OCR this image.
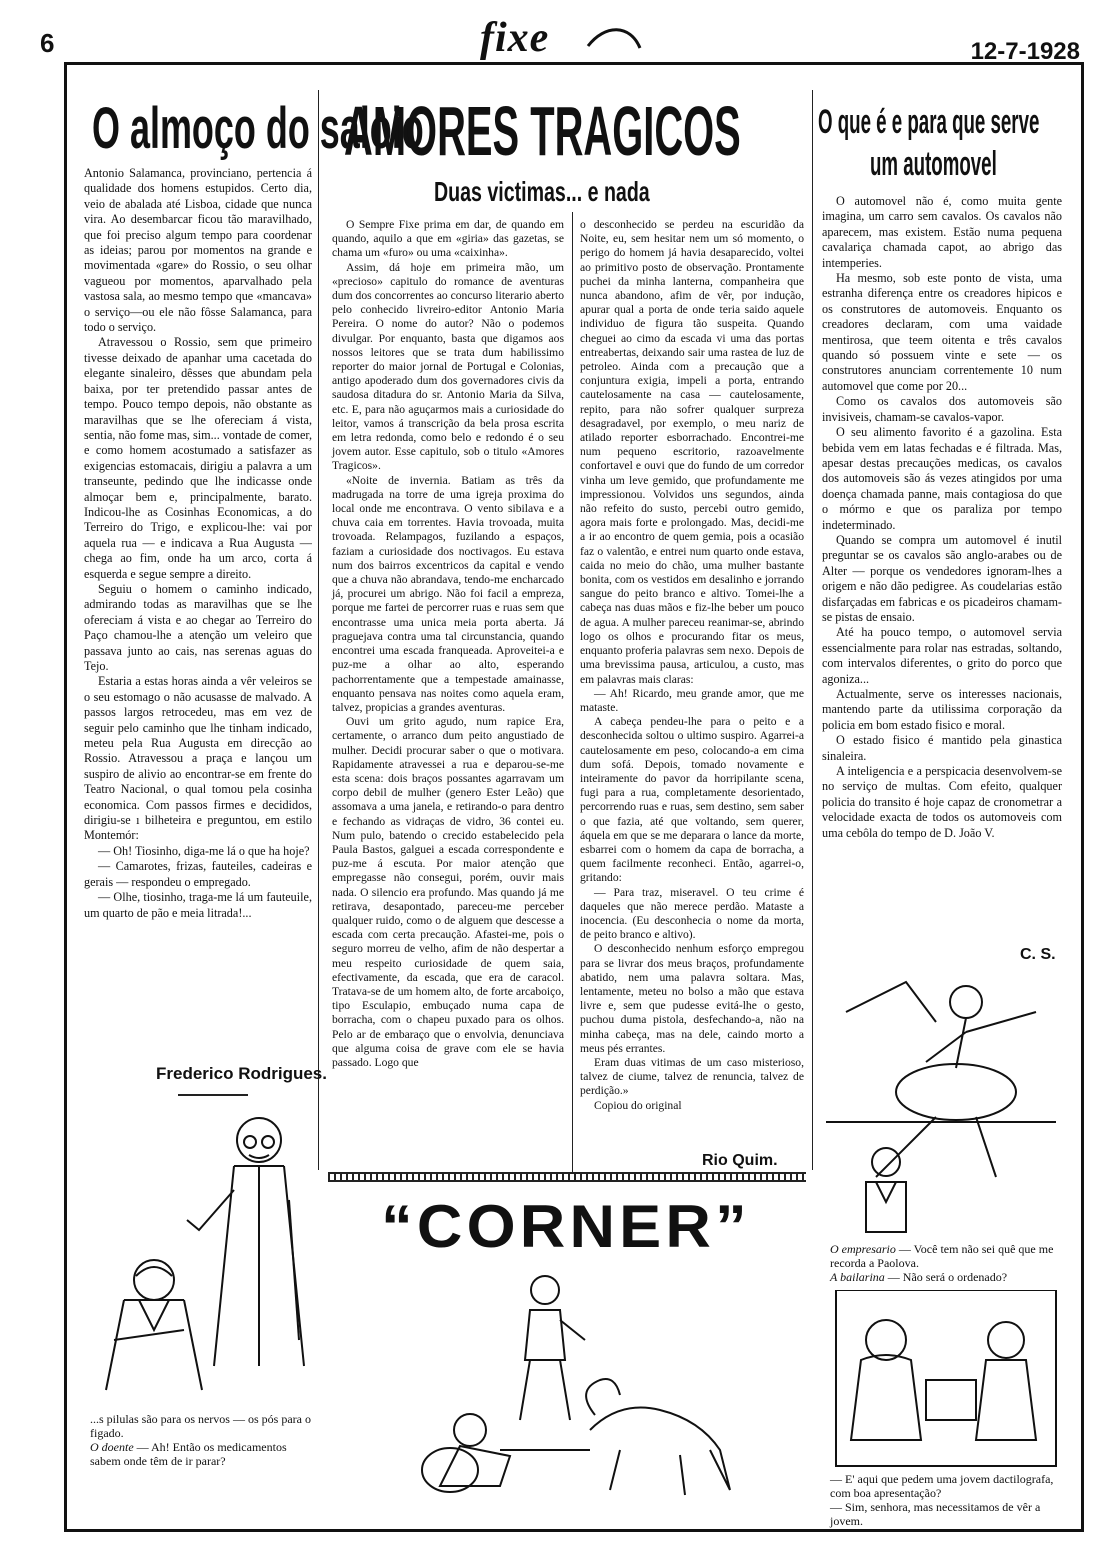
6	fixe	12-7-1928
O almoço do saloio

Antonio Salamanca, provinciano, pertencia á qualidade dos homens estupidos. Certo dia, veio de abalada até Lisboa, cidade que nunca vira. Ao desembarcar ficou tão maravilhado, que foi preciso algum tempo para coordenar as ideias; parou por momentos na grande e movimentada «gare» do Rossio, o seu olhar vagueou por momentos, aparvalhado pela vastosa sala, ao mesmo tempo que «mancava» o serviço—ou ele não fôsse Salamanca, para todo o serviço.

Atravessou o Rossio, sem que primeiro tivesse deixado de apanhar uma cacetada do elegante sinaleiro, dêsses que abundam pela baixa, por ter pretendido passar antes de tempo. Pouco tempo depois, não obstante as maravilhas que se lhe ofereciam á vista, sentia, não fome mas, sim... vontade de comer, e como homem acostumado a satisfazer as exigencias estomacais, dirigiu a palavra a um transeunte, pedindo que lhe indicasse onde almoçar bem e, principalmente, barato. Indicou-lhe as Cosinhas Economicas, a do Terreiro do Trigo, e explicou-lhe: vai por aquela rua — e indicava a Rua Augusta — chega ao fim, onde ha um arco, corta á esquerda e segue sempre a direito.

Seguiu o homem o caminho indicado, admirando todas as maravilhas que se lhe ofereciam á vista e ao chegar ao Terreiro do Paço chamou-lhe a atenção um veleiro que passava junto ao cais, nas serenas aguas do Tejo.

Estaria a estas horas ainda a vêr veleiros se o seu estomago o não acusasse de malvado. A passos largos retrocedeu, mas em vez de seguir pelo caminho que lhe tinham indicado, meteu pela Rua Augusta em direcção ao Rossio. Atravessou a praça e lançou um suspiro de alivio ao encontrar-se em frente do Teatro Nacional, o qual tomou pela cosinha economica. Com passos firmes e decididos, dirigiu-se ı bilheteira e preguntou, em estilo Montemór:

— Oh! Tiosinho, diga-me lá o que ha hoje?

— Camarotes, frizas, fauteiles, cadeiras e gerais — respondeu o empregado.

— Olhe, tiosinho, traga-me lá um fauteuile, um quarto de pão e meia litrada!...

Frederico Rodrigues.
...s pilulas são para os nervos — os pós para o figado.
O doente — Ah! Então os medicamentos sabem onde têm de ir parar?
AMORES TRAGICOS
Duas victimas... e nada

O Sempre Fixe prima em dar, de quando em quando, aquilo a que em «giria» das gazetas, se chama um «furo» ou uma «caixinha».

Assim, dá hoje em primeira mão, um «precioso» capitulo do romance de aventuras dum dos concorrentes ao concurso literario aberto pelo conhecido livreiro-editor Antonio Maria Pereira. O nome do autor? Não o podemos divulgar. Por enquanto, basta que digamos aos nossos leitores que se trata dum habilissimo reporter do maior jornal de Portugal e Colonias, antigo apoderado dum dos governadores civis da saudosa ditadura do sr. Antonio Maria da Silva, etc. E, para não aguçarmos mais a curiosidade do leitor, vamos á transcrição da bela prosa escrita em letra redonda, como belo e redondo é o seu jovem autor. Esse capitulo, sob o titulo «Amores Tragicos».

«Noite de invernia. Batiam as três da madrugada na torre de uma igreja proxima do local onde me encontrava. O vento sibilava e a chuva caia em torrentes. Havia trovoada, muita trovoada. Relampagos, fuzilando a espaços, faziam a curiosidade dos noctivagos. Eu estava num dos bairros excentricos da capital e vendo que a chuva não abrandava, tendo-me encharcado já, procurei um abrigo. Não foi facil a empreza, porque me fartei de percorrer ruas e ruas sem que encontrasse uma unica meia porta aberta. Já praguejava contra uma tal circunstancia, quando encontrei uma escada franqueada. Aproveitei-a e puz-me a olhar ao alto, esperando pachorrentamente que a tempestade amainasse, enquanto pensava nas noites como aquela eram, talvez, propicias a grandes aventuras.

Ouvi um grito agudo, num rapice Era, certamente, o arranco dum peito angustiado de mulher. Decidi procurar saber o que o motivara. Rapidamente atravessei a rua e deparou-se-me esta scena: dois braços possantes agarravam um corpo debil de mulher (genero Ester Leão) que assomava a uma janela, e retirando-o para dentro e fechando as vidraças de vidro, 36 contei eu. Num pulo, batendo o crecido estabelecido pela Paula Bastos, galguei a escada correspondente e puz-me á escuta. Por maior atenção que empregasse não consegui, porém, ouvir mais nada. O silencio era profundo. Mas quando já me retirava, desapontado, pareceu-me perceber qualquer ruido, como o de alguem que descesse a escada com certa precaução. Afastei-me, pois o seguro morreu de velho, afim de não despertar a meu respeito curiosidade de quem saia, efectivamente, da escada, que era de caracol. Tratava-se de um homem alto, de forte arcaboiço, tipo Esculapio, embuçado numa capa de borracha, com o chapeu puxado para os olhos. Pelo ar de embaraço que o envolvia, denunciava que alguma coisa de grave com ele se havia passado. Logo que

o desconhecido se perdeu na escuridão da Noite, eu, sem hesitar nem um só momento, o perigo do homem já havia desaparecido, voltei ao primitivo posto de observação. Prontamente puchei da minha lanterna, companheira que nunca abandono, afim de vêr, por indução, apurar qual a porta de onde teria saido aquele individuo de figura tão suspeita. Quando cheguei ao cimo da escada vi uma das portas entreabertas, deixando sair uma rastea de luz de petroleo. Ainda com a precaução que a conjuntura exigia, impeli a porta, entrando cautelosamente na casa — cautelosamente, repito, para não sofrer qualquer surpreza desagradavel, por exemplo, o meu nariz de atilado reporter esborrachado. Encontrei-me num pequeno escritorio, razoavelmente confortavel e ouvi que do fundo de um corredor vinha um leve gemido, que profundamente me impressionou. Volvidos uns segundos, ainda não refeito do susto, percebi outro gemido, agora mais forte e prolongado. Mas, decidi-me a ir ao encontro de quem gemia, pois a ocasião faz o valentão, e entrei num quarto onde estava, caida no meio do chão, uma mulher bastante bonita, com os vestidos em desalinho e jorrando sangue do peito branco e altivo. Tomei-lhe a cabeça nas duas mãos e fiz-lhe beber um pouco de agua. A mulher pareceu reanimar-se, abrindo logo os olhos e procurando fitar os meus, enquanto proferia palavras sem nexo. Depois de uma brevissima pausa, articulou, a custo, mas em palavras mais claras:

— Ah! Ricardo, meu grande amor, que me mataste.

A cabeça pendeu-lhe para o peito e a desconhecida soltou o ultimo suspiro. Agarrei-a cautelosamente em peso, colocando-a em cima dum sofá. Depois, tomado novamente e inteiramente do pavor da horripilante scena, fugi para a rua, completamente desorientado, percorrendo ruas e ruas, sem destino, sem saber o que fazia, até que voltando, sem querer, áquela em que se me deparara o lance da morte, esbarrei com o homem da capa de borracha, a quem facilmente reconheci. Então, agarrei-o, gritando:

— Para traz, miseravel. O teu crime é daqueles que não merece perdão. Mataste a inocencia. (Eu desconhecia o nome da morta, de peito branco e altivo).

O desconhecido nenhum esforço empregou para se livrar dos meus braços, profundamente abatido, nem uma palavra soltara. Mas, lentamente, meteu no bolso a mão que estava livre e, sem que pudesse evitá-lhe o gesto, puchou duma pistola, desfechando-a, não na minha cabeça, mas na dele, caindo morto a meus pés errantes.

Eram duas vitimas de um caso misterioso, talvez de ciume, talvez de renuncia, talvez de perdição.»

Copiou do original

Rio Quim.
“CORNER”
O que é e para que serve
um automovel

O automovel não é, como muita gente imagina, um carro sem cavalos. Os cavalos não aparecem, mas existem. Estão numa pequena cavalariça chamada capot, ao abrigo das intemperies.

Ha mesmo, sob este ponto de vista, uma estranha diferença entre os creadores hipicos e os construtores de automoveis. Enquanto os creadores declaram, com uma vaidade mentirosa, que teem oitenta e três cavalos quando só possuem vinte e sete — os construtores anunciam correntemente 10 num automovel que come por 20...

Como os cavalos dos automoveis são invisiveis, chamam-se cavalos-vapor.

O seu alimento favorito é a gazolina. Esta bebida vem em latas fechadas e é filtrada. Mas, apesar destas precauções medicas, os cavalos dos automoveis são ás vezes atingidos por uma doença chamada panne, mais contagiosa do que o mórmo e que os paraliza por tempo indeterminado.

Quando se compra um automovel é inutil preguntar se os cavalos são anglo-arabes ou de Alter — porque os vendedores ignoram-lhes a origem e não dão pedigree. As coudelarias estão disfarçadas em fabricas e os picadeiros chamam-se pistas de ensaio.

Até ha pouco tempo, o automovel servia essencialmente para rolar nas estradas, soltando, com intervalos diferentes, o grito do porco que agoniza...

Actualmente, serve os interesses nacionais, mantendo parte da utilissima corporação da policia em bom estado fisico e moral.

O estado fisico é mantido pela ginastica sinaleira.

A inteligencia e a perspicacia desenvolvem-se no serviço de multas. Com efeito, qualquer policia do transito é hoje capaz de cronometrar a velocidade exacta de todos os automoveis com uma cebôla do tempo de D. João V.

C. S.
O empresario — Você tem não sei quê que me recorda a Paolova.
A bailarina — Não será o ordenado?
— E' aqui que pedem uma jovem dactilografa, com boa apresentação?
— Sim, senhora, mas necessitamos de vêr a jovem.
